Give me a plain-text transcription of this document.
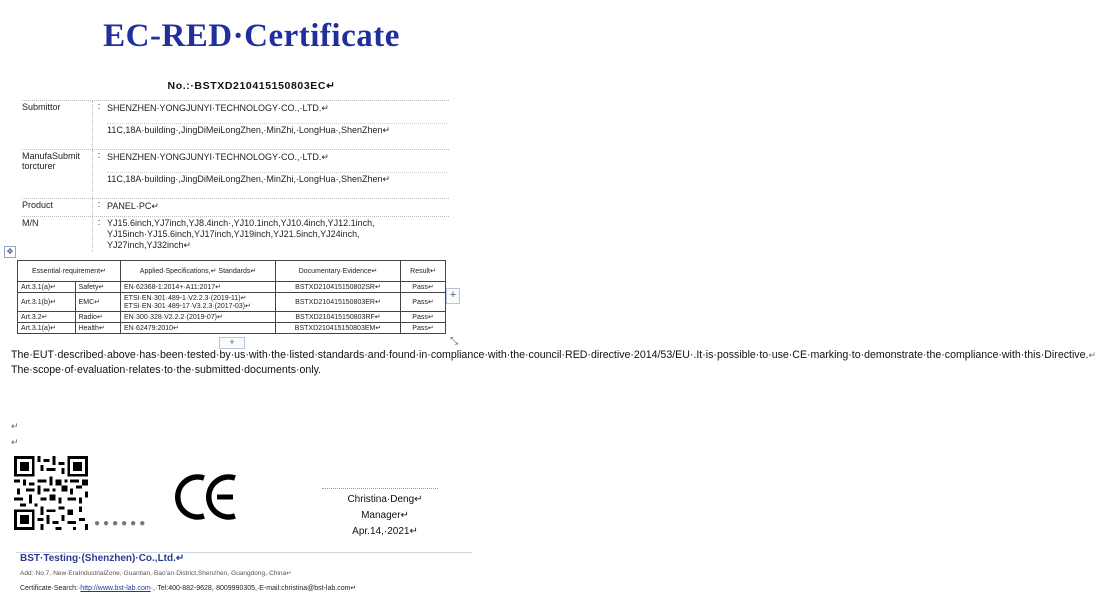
EC-RED·Certificate
No.:·BSTXD210415150803EC↵
Submittor	: SHENZHEN·YONGJUNYI·TECHNOLOGY·CO.,·LTD.↵
11C,18A·building·,JingDiMeiLongZhen,·MinZhi,·LongHua·,ShenZhen↵
ManufaSubmittorcturer
: SHENZHEN·YONGJUNYI·TECHNOLOGY·CO.,·LTD.↵
11C,18A·building·,JingDiMeiLongZhen,·MinZhi,·LongHua·,ShenZhen↵
Product	: PANEL·PC↵
M/N	: YJ15.6inch,YJ7inch,YJ8.4inch·,YJ10.1inch,YJ10.4inch,YJ12.1inch,
YJ15inch·YJ15.6inch,YJ17inch,YJ19inch,YJ21.5inch,YJ24inch,
YJ27inch,YJ32inch↵
✥
Essential·requirement↵		Applied·Specifications,↵ Standards↵	Documentary·Evidence↵	Result↵
Art.3.1(a)↵	Safety↵	EN·62368-1:2014+·A11:2017↵	BSTXD210415150802SR↵	Pass↵
Art.3.1(b)↵	EMC↵	ETSI·EN·301·489-1·V2.2.3·(2019-11)↵ ETSI·EN·301·489-17·V3.2.3·(2017-03)↵	BSTXD210415150803ER↵	Pass↵
Art.3.2↵	Radio↵	EN·300·328·V2.2.2·(2019-07)↵	BSTXD210415150803RF↵	Pass↵
Art.3.1(a)↵	Health↵	EN·62479:2010↵	BSTXD210415150803EM↵	Pass↵
+
+	⤡
The·EUT·described·above·has·been·tested·by·us·with·the·listed·standards·and·found·in·compliance·with·the·council·RED·directive·2014/53/EU·.It·is·possible·to·use·CE·marking·to·demonstrate·the·compliance·with·this·Directive.↵
The·scope·of·evaluation·relates·to·the·submitted·documents·only.
↵
↵
●●●●●●
Christina·Deng↵
Manager↵
Apr.14,·2021↵
BST·Testing·(Shenzhen)·Co.,Ltd.↵
Add:·No.7,·New·EraIndustrialZone,·Guantian,·Bao'an·District,Shenzhen,·Guangdong,·China↵
Certificate·Search:·http://www.bst-lab.com·,·Tel:400-882-9628,·8009990305,·E-mail:christina@bst-lab.com↵
